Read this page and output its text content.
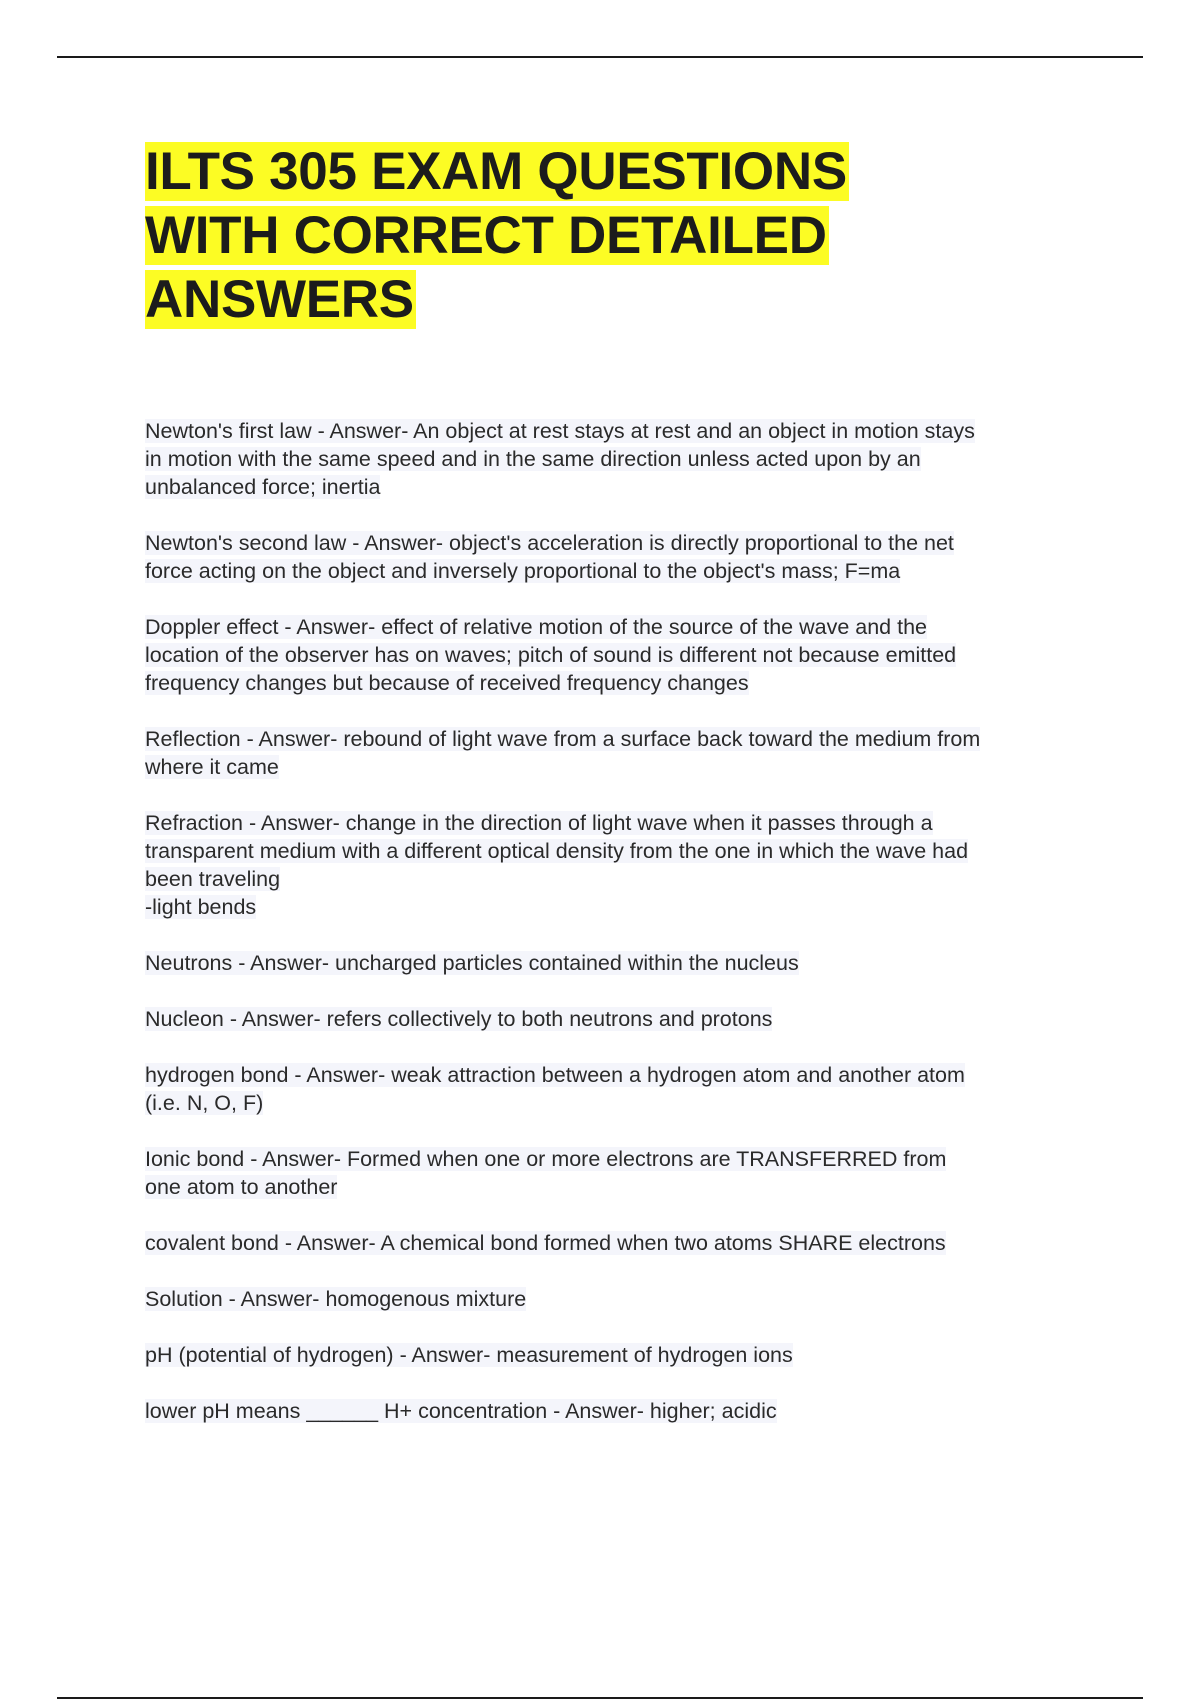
ILTS 305 EXAM QUESTIONS
WITH CORRECT DETAILED
ANSWERS
Newton's first law - Answer- An object at rest stays at rest and an object in motion stays
in motion with the same speed and in the same direction unless acted upon by an
unbalanced force; inertia
Newton's second law - Answer- object's acceleration is directly proportional to the net
force acting on the object and inversely proportional to the object's mass; F=ma
Doppler effect - Answer- effect of relative motion of the source of the wave and the
location of the observer has on waves; pitch of sound is different not because emitted
frequency changes but because of received frequency changes
Reflection - Answer- rebound of light wave from a surface back toward the medium from
where it came
Refraction - Answer- change in the direction of light wave when it passes through a
transparent medium with a different optical density from the one in which the wave had
been traveling
-light bends
Neutrons - Answer- uncharged particles contained within the nucleus
Nucleon - Answer- refers collectively to both neutrons and protons
hydrogen bond - Answer- weak attraction between a hydrogen atom and another atom
(i.e. N, O, F)
Ionic bond - Answer- Formed when one or more electrons are TRANSFERRED from
one atom to another
covalent bond - Answer- A chemical bond formed when two atoms SHARE electrons
Solution - Answer- homogenous mixture
pH (potential of hydrogen) - Answer- measurement of hydrogen ions
lower pH means ______ H+ concentration - Answer- higher; acidic
